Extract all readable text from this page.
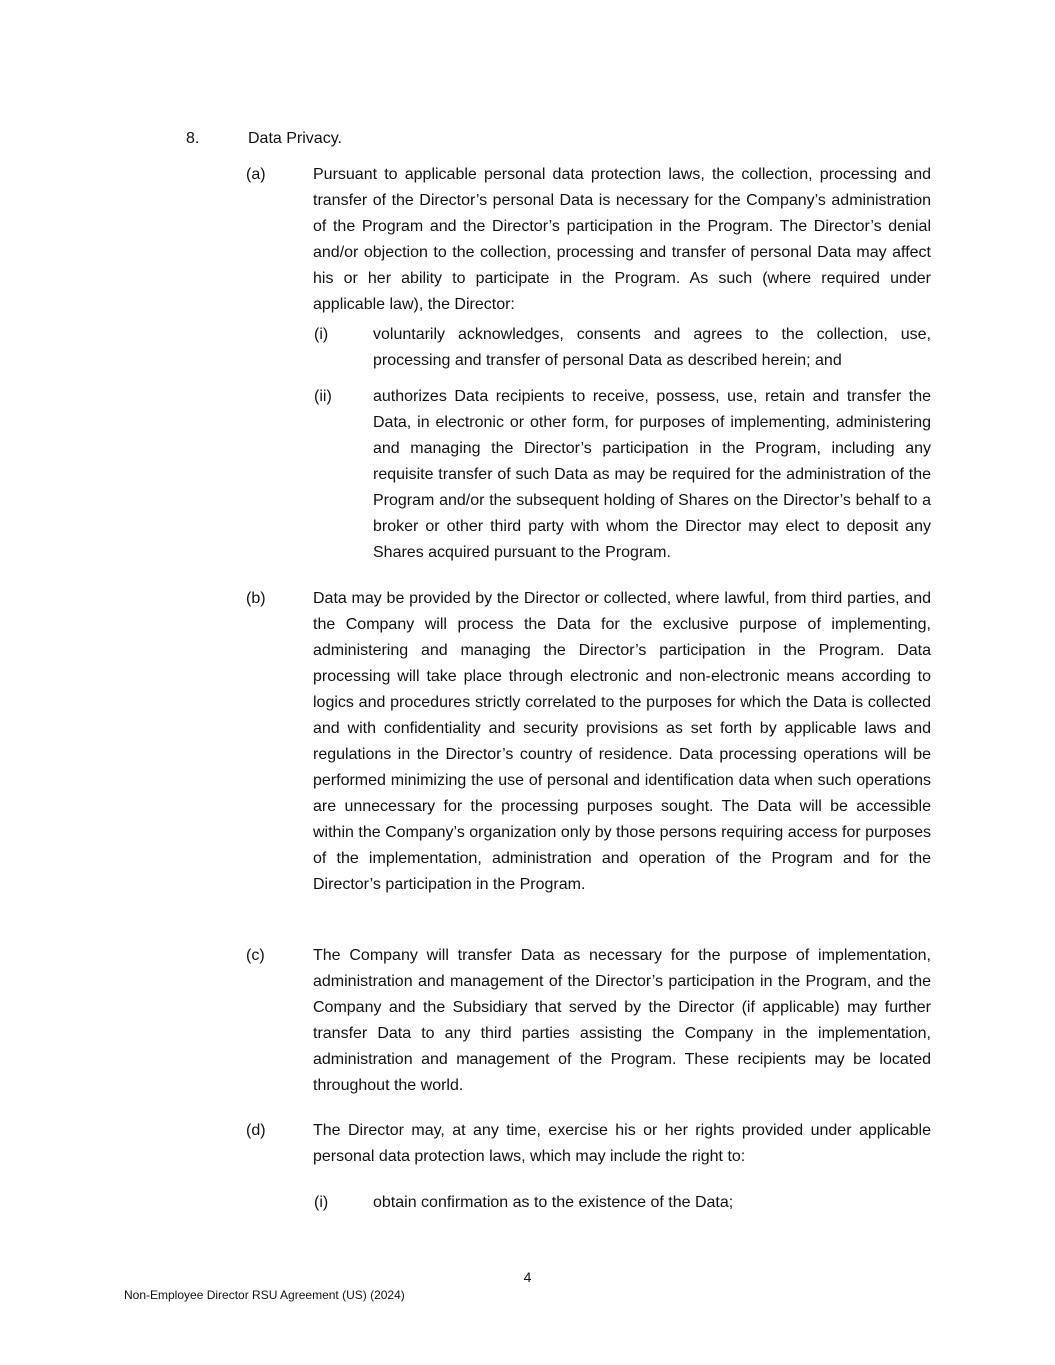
8.	Data Privacy.
(a)	Pursuant to applicable personal data protection laws, the collection, processing and transfer of the Director’s personal Data is necessary for the Company’s administration of the Program and the Director’s participation in the Program. The Director’s denial and/or objection to the collection, processing and transfer of personal Data may affect his or her ability to participate in the Program. As such (where required under applicable law), the Director:
(i)	voluntarily acknowledges, consents and agrees to the collection, use, processing and transfer of personal Data as described herein; and
(ii)	authorizes Data recipients to receive, possess, use, retain and transfer the Data, in electronic or other form, for purposes of implementing, administering and managing the Director’s participation in the Program, including any requisite transfer of such Data as may be required for the administration of the Program and/or the subsequent holding of Shares on the Director’s behalf to a broker or other third party with whom the Director may elect to deposit any Shares acquired pursuant to the Program.
(b)	Data may be provided by the Director or collected, where lawful, from third parties, and the Company will process the Data for the exclusive purpose of implementing, administering and managing the Director’s participation in the Program. Data processing will take place through electronic and non-electronic means according to logics and procedures strictly correlated to the purposes for which the Data is collected and with confidentiality and security provisions as set forth by applicable laws and regulations in the Director’s country of residence. Data processing operations will be performed minimizing the use of personal and identification data when such operations are unnecessary for the processing purposes sought. The Data will be accessible within the Company’s organization only by those persons requiring access for purposes of the implementation, administration and operation of the Program and for the Director’s participation in the Program.
(c)	The Company will transfer Data as necessary for the purpose of implementation, administration and management of the Director’s participation in the Program, and the Company and the Subsidiary that served by the Director (if applicable) may further transfer Data to any third parties assisting the Company in the implementation, administration and management of the Program. These recipients may be located throughout the world.
(d)	The Director may, at any time, exercise his or her rights provided under applicable personal data protection laws, which may include the right to:
(i)	obtain confirmation as to the existence of the Data;
4
Non-Employee Director RSU Agreement (US) (2024)
